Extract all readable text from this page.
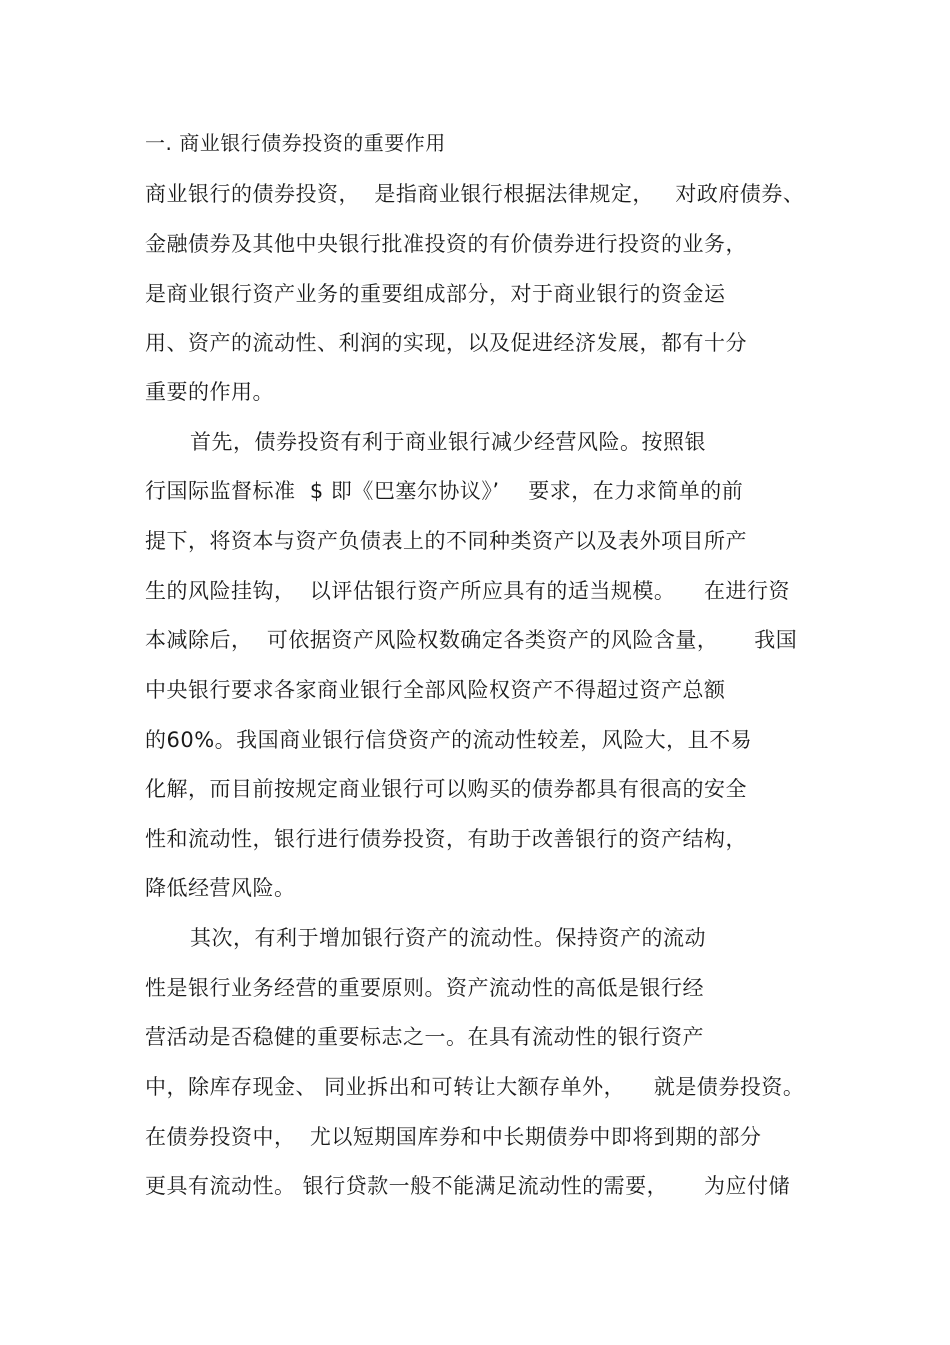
一. 商业银行债券投资的重要作用
商业银行的债券投资，  是指商业银行根据法律规定，   对政府债券、
金融债券及其他中央银行批准投资的有价债券进行投资的业务，
是商业银行资产业务的重要组成部分，对于商业银行的资金运
用、资产的流动性、利润的实现，以及促进经济发展，都有十分
重要的作用。
首先，债券投资有利于商业银行减少经营风险。按照银
行国际监督标准  $ 即《巴塞尔协议》’    要求，在力求简单的前
提下，将资本与资产负债表上的不同种类资产以及表外项目所产
生的风险挂钩，  以评估银行资产所应具有的适当规模。    在进行资
本减除后，  可依据资产风险权数确定各类资产的风险含量，     我国
中央银行要求各家商业银行全部风险权资产不得超过资产总额
的60%。我国商业银行信贷资产的流动性较差，风险大，且不易
化解，而目前按规定商业银行可以购买的债券都具有很高的安全
性和流动性，银行进行债券投资，有助于改善银行的资产结构，
降低经营风险。
其次，有利于增加银行资产的流动性。保持资产的流动
性是银行业务经营的重要原则。资产流动性的高低是银行经
营活动是否稳健的重要标志之一。在具有流动性的银行资产
中，除库存现金、 同业拆出和可转让大额存单外，    就是债券投资。
在债券投资中，  尤以短期国库券和中长期债券中即将到期的部分
更具有流动性。 银行贷款一般不能满足流动性的需要，     为应付储
